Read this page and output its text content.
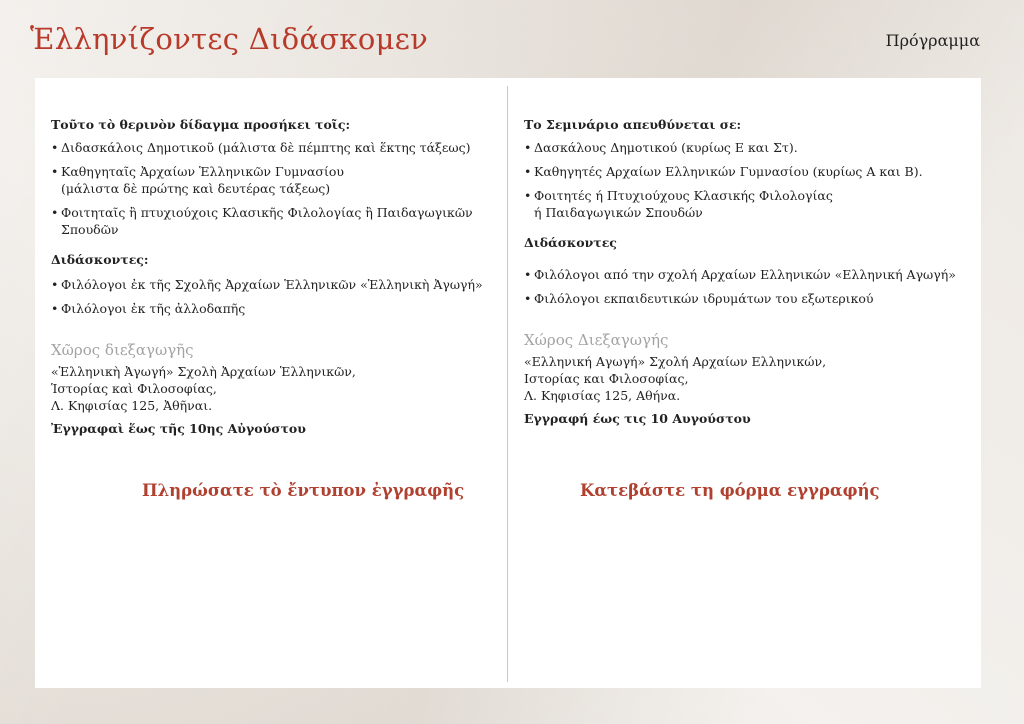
Ἑλληνίζοντες Διδάσκομεν	Πρόγραμμα
Τοῦτο τὸ θερινὸν δίδαγμα προσήκει τοῖς:
• Διδασκάλοις Δημοτικοῦ (μάλιστα δὲ πέμπτης καὶ ἕκτης τάξεως)
• Καθηγηταῖς Ἀρχαίων Ἑλληνικῶν Γυμνασίου
(μάλιστα δὲ πρώτης καὶ δευτέρας τάξεως)
• Φοιτηταῖς ἢ πτυχιούχοις Κλασικῆς Φιλολογίας ἢ Παιδαγωγικῶν Σπουδῶν
Διδάσκοντες:
• Φιλόλογοι ἐκ τῆς Σχολῆς Ἀρχαίων Ἑλληνικῶν «Ἑλληνικὴ Ἀγωγή»
• Φιλόλογοι ἐκ τῆς ἀλλοδαπῆς
Χῶρος διεξαγωγῆς
«Ἑλληνικὴ Ἀγωγή» Σχολὴ Ἀρχαίων Ἑλληνικῶν,
Ἱστορίας καὶ Φιλοσοφίας,
Λ. Κηφισίας 125, Ἀθῆναι.
Ἐγγραφαὶ ἕως τῆς 10ης Αὐγούστου
Το Σεμινάριο απευθύνεται σε:
• Δασκάλους Δημοτικού (κυρίως Ε και Στ).
• Καθηγητές Αρχαίων Ελληνικών Γυμνασίου (κυρίως Α και Β).
• Φοιτητές ή Πτυχιούχους Κλασικής Φιλολογίας
ή Παιδαγωγικών Σπουδών
Διδάσκοντες
• Φιλόλογοι από την σχολή Αρχαίων Ελληνικών «Ελληνική Αγωγή»
• Φιλόλογοι εκπαιδευτικών ιδρυμάτων του εξωτερικού
Χώρος Διεξαγωγής
«Ελληνική Αγωγή» Σχολή Αρχαίων Ελληνικών,
Ιστορίας και Φιλοσοφίας,
Λ. Κηφισίας 125, Αθήνα.
Εγγραφή έως τις 10 Αυγούστου
Πληρώσατε τὸ ἔντυπον ἐγγραφῆς	Κατεβάστε τη φόρμα εγγραφής
